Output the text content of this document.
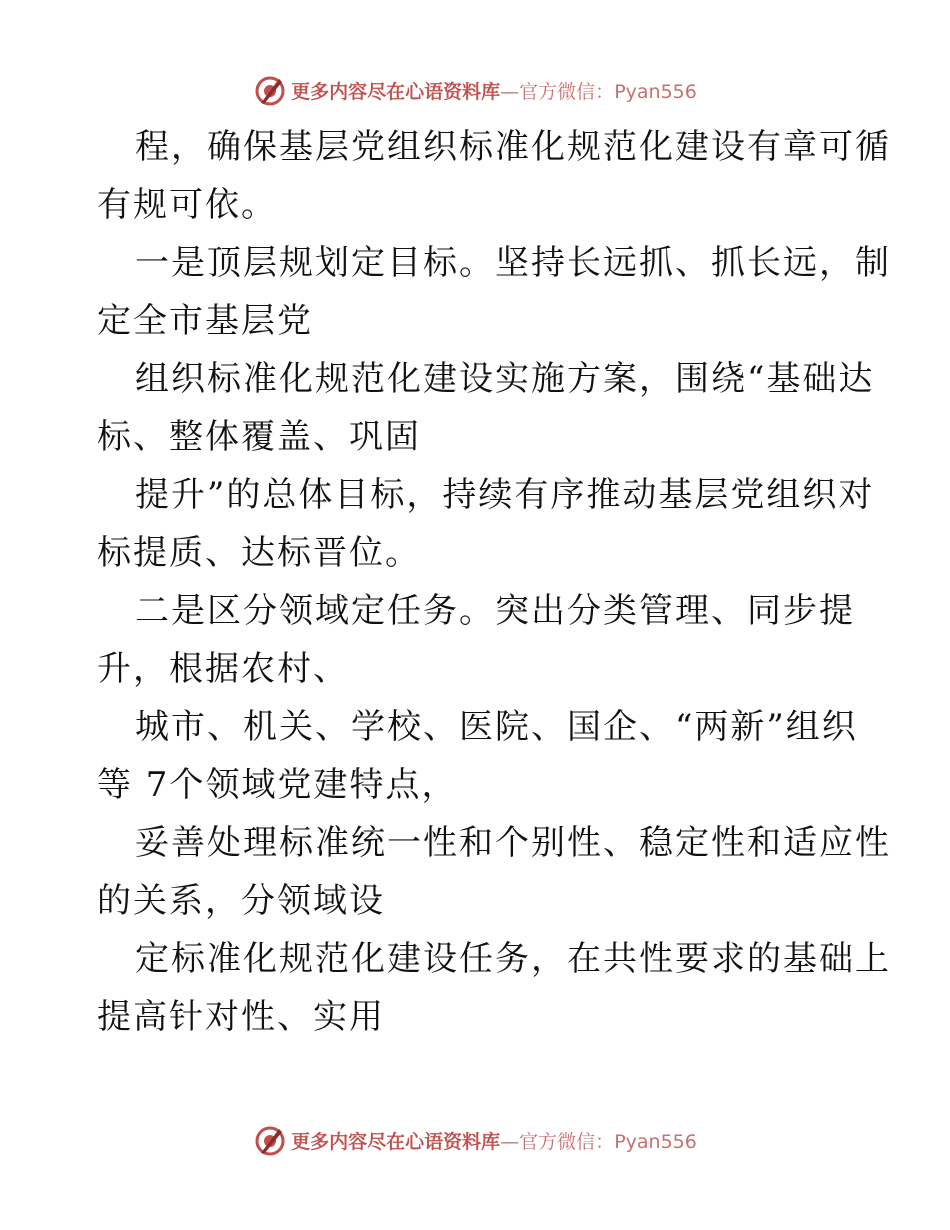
更多内容尽在心语资料库—官方微信：Pyan556
程，确保基层党组织标准化规范化建设有章可循
有规可依。
一是顶层规划定目标。坚持长远抓、抓长远，制
定全市基层党
组织标准化规范化建设实施方案，围绕“基础达
标、整体覆盖、巩固
提升”的总体目标，持续有序推动基层党组织对
标提质、达标晋位。
二是区分领域定任务。突出分类管理、同步提
升，根据农村、
城市、机关、学校、医院、国企、“两新”组织
等 7个领域党建特点，
妥善处理标准统一性和个别性、稳定性和适应性
的关系，分领域设
定标准化规范化建设任务，在共性要求的基础上
提高针对性、实用
更多内容尽在心语资料库—官方微信：Pyan556
